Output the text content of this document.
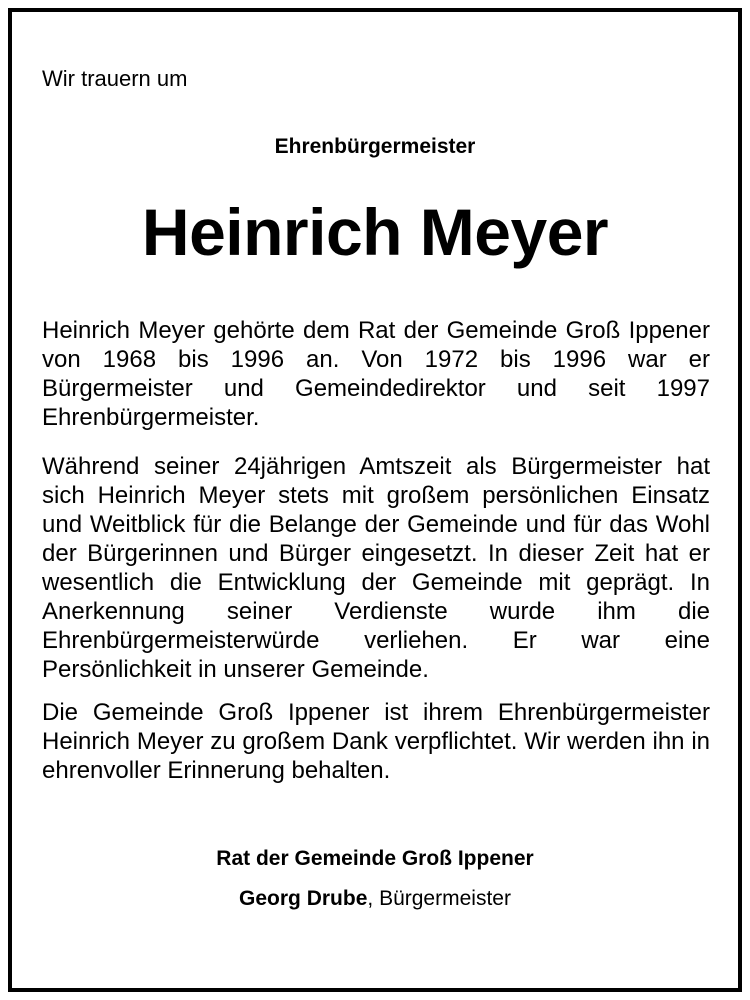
Wir trauern um

Ehrenbürgermeister

Heinrich Meyer

Heinrich Meyer gehörte dem Rat der Gemeinde Groß Ippener von 1968 bis 1996 an. Von 1972 bis 1996 war er Bürgermeister und Gemeindedirektor und seit 1997 Ehrenbürgermeister.

Während seiner 24jährigen Amtszeit als Bürgermeister hat sich Heinrich Meyer stets mit großem persönlichen Einsatz und Weitblick für die Belange der Gemeinde und für das Wohl der Bürgerinnen und Bürger eingesetzt. In dieser Zeit hat er wesentlich die Entwicklung der Gemeinde mit geprägt. In Anerkennung seiner Verdienste wurde ihm die Ehrenbürgermeisterwürde verliehen. Er war eine Persönlichkeit in unserer Gemeinde.

Die Gemeinde Groß Ippener ist ihrem Ehrenbürgermeister Heinrich Meyer zu großem Dank verpflichtet. Wir werden ihn in ehrenvoller Erinnerung behalten.

Rat der Gemeinde Groß Ippener

Georg Drube, Bürgermeister
